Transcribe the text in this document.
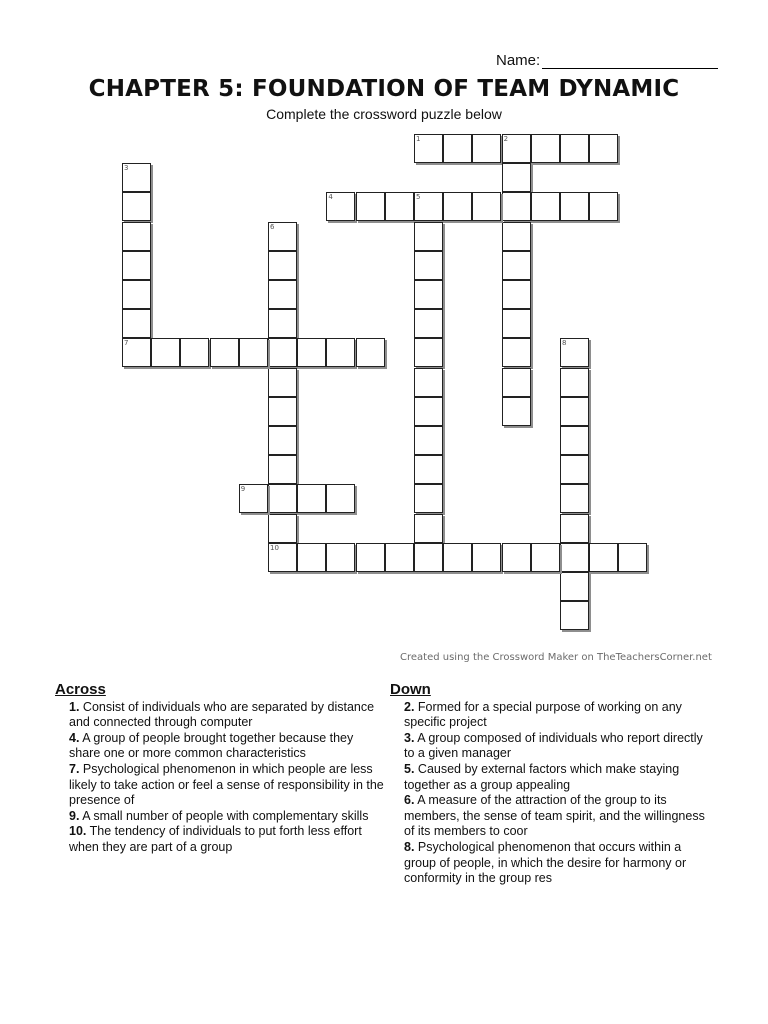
Name:
CHAPTER 5: FOUNDATION OF TEAM DYNAMIC
Complete the crossword puzzle below
1	2
3
7
4	5
6
8
9
10
Created using the Crossword Maker on TheTeachersCorner.net
Across
1. Consist of individuals who are separated by distance and connected through computer
4. A group of people brought together because they share one or more common characteristics
7. Psychological phenomenon in which people are less likely to take action or feel a sense of responsibility in the presence of
9. A small number of people with complementary skills
10. The tendency of individuals to put forth less effort when they are part of a group
Down
2. Formed for a special purpose of working on any specific project
3. A group composed of individuals who report directly to a given manager
5. Caused by external factors which make staying together as a group appealing
6. A measure of the attraction of the group to its members, the sense of team spirit, and the willingness of its members to coor
8. Psychological phenomenon that occurs within a group of people, in which the desire for harmony or conformity in the group res
